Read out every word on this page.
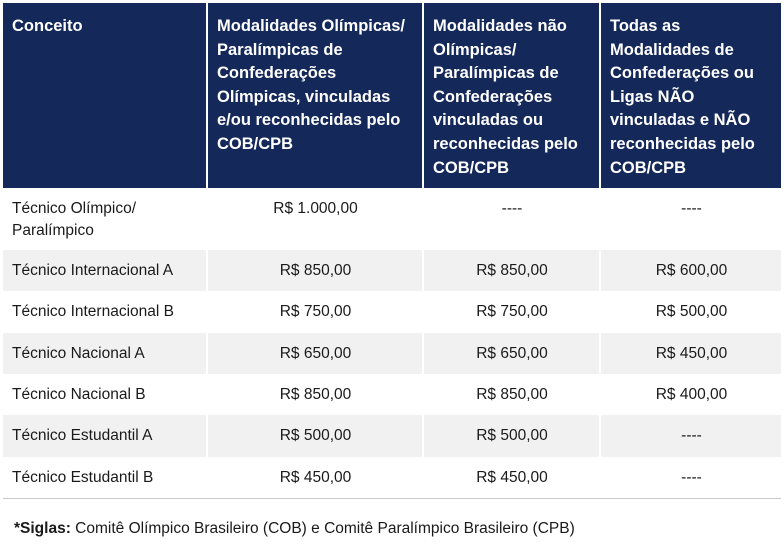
Conceito	Modalidades Olímpicas/ Paralímpicas de Confederações Olímpicas, vinculadas e/ou reconhecidas pelo COB/CPB	Modalidades não Olímpicas/ Paralímpicas de Confederações vinculadas ou reconhecidas pelo COB/CPB	Todas as Modalidades de Confederações ou Ligas NÃO vinculadas e NÃO reconhecidas pelo COB/CPB
Técnico Olímpico/ Paralímpico	R$ 1.000,00	----	----
Técnico Internacional A	R$ 850,00	R$ 850,00	R$ 600,00
Técnico Internacional B	R$ 750,00	R$ 750,00	R$ 500,00
Técnico Nacional A	R$ 650,00	R$ 650,00	R$ 450,00
Técnico Nacional B	R$ 850,00	R$ 850,00	R$ 400,00
Técnico Estudantil A	R$ 500,00	R$ 500,00	----
Técnico Estudantil B	R$ 450,00	R$ 450,00	----
*Siglas: Comitê Olímpico Brasileiro (COB) e Comitê Paralímpico Brasileiro (CPB)
